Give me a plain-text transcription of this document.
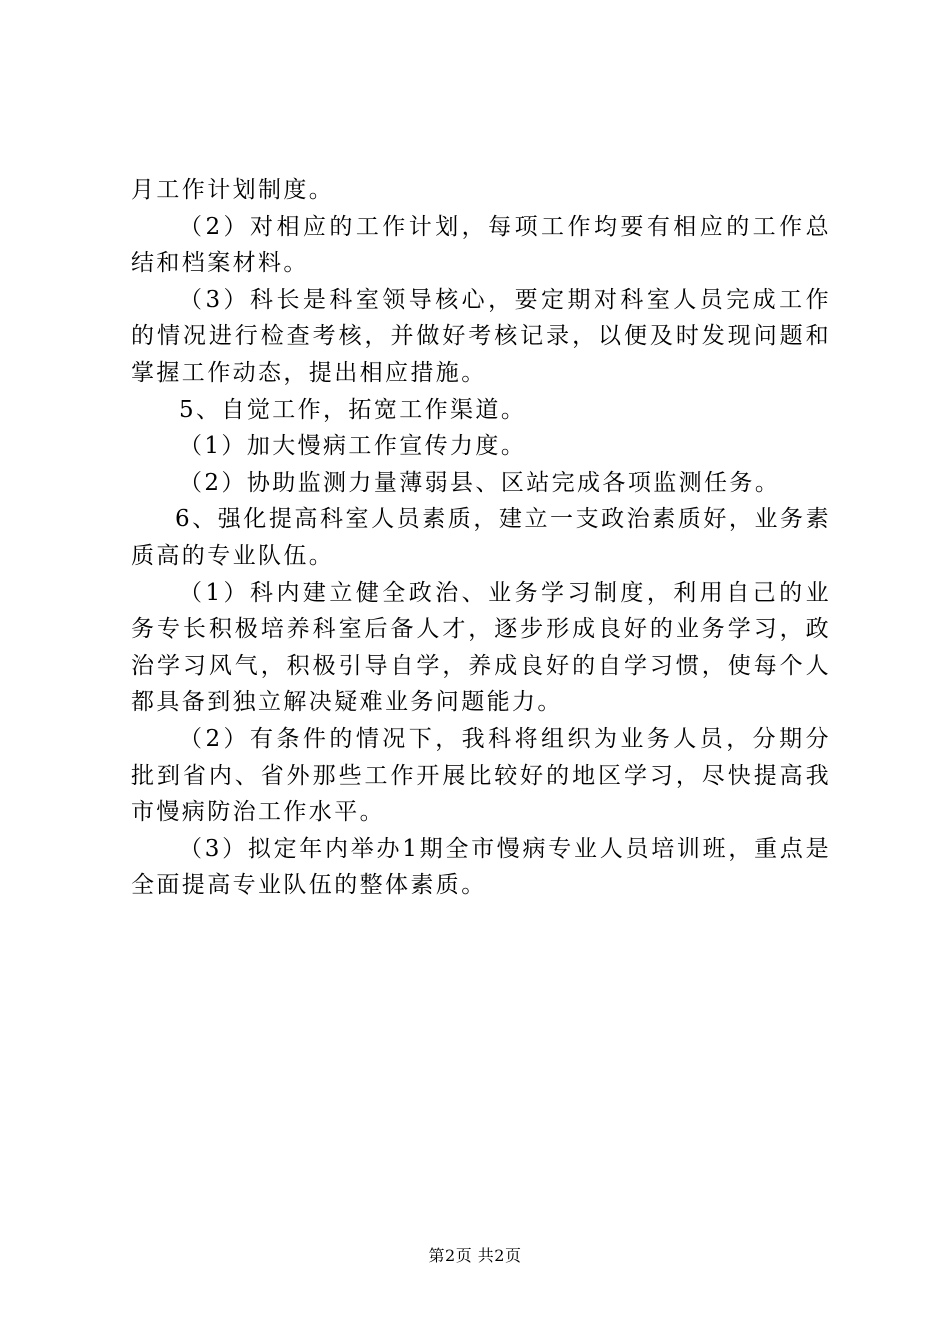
月工作计划制度。

（2）对相应的工作计划，每项工作均要有相应的工作总结和档案材料。

（3）科长是科室领导核心，要定期对科室人员完成工作的情况进行检查考核，并做好考核记录，以便及时发现问题和掌握工作动态，提出相应措施。

5、自觉工作，拓宽工作渠道。

（1）加大慢病工作宣传力度。

（2）协助监测力量薄弱县、区站完成各项监测任务。

6、强化提高科室人员素质，建立一支政治素质好，业务素质高的专业队伍。

（1）科内建立健全政治、业务学习制度，利用自己的业务专长积极培养科室后备人才，逐步形成良好的业务学习，政治学习风气，积极引导自学，养成良好的自学习惯，使每个人都具备到独立解决疑难业务问题能力。

（2）有条件的情况下，我科将组织为业务人员，分期分批到省内、省外那些工作开展比较好的地区学习，尽快提高我市慢病防治工作水平。

（3）拟定年内举办1期全市慢病专业人员培训班，重点是全面提高专业队伍的整体素质。

第2页 共2页
